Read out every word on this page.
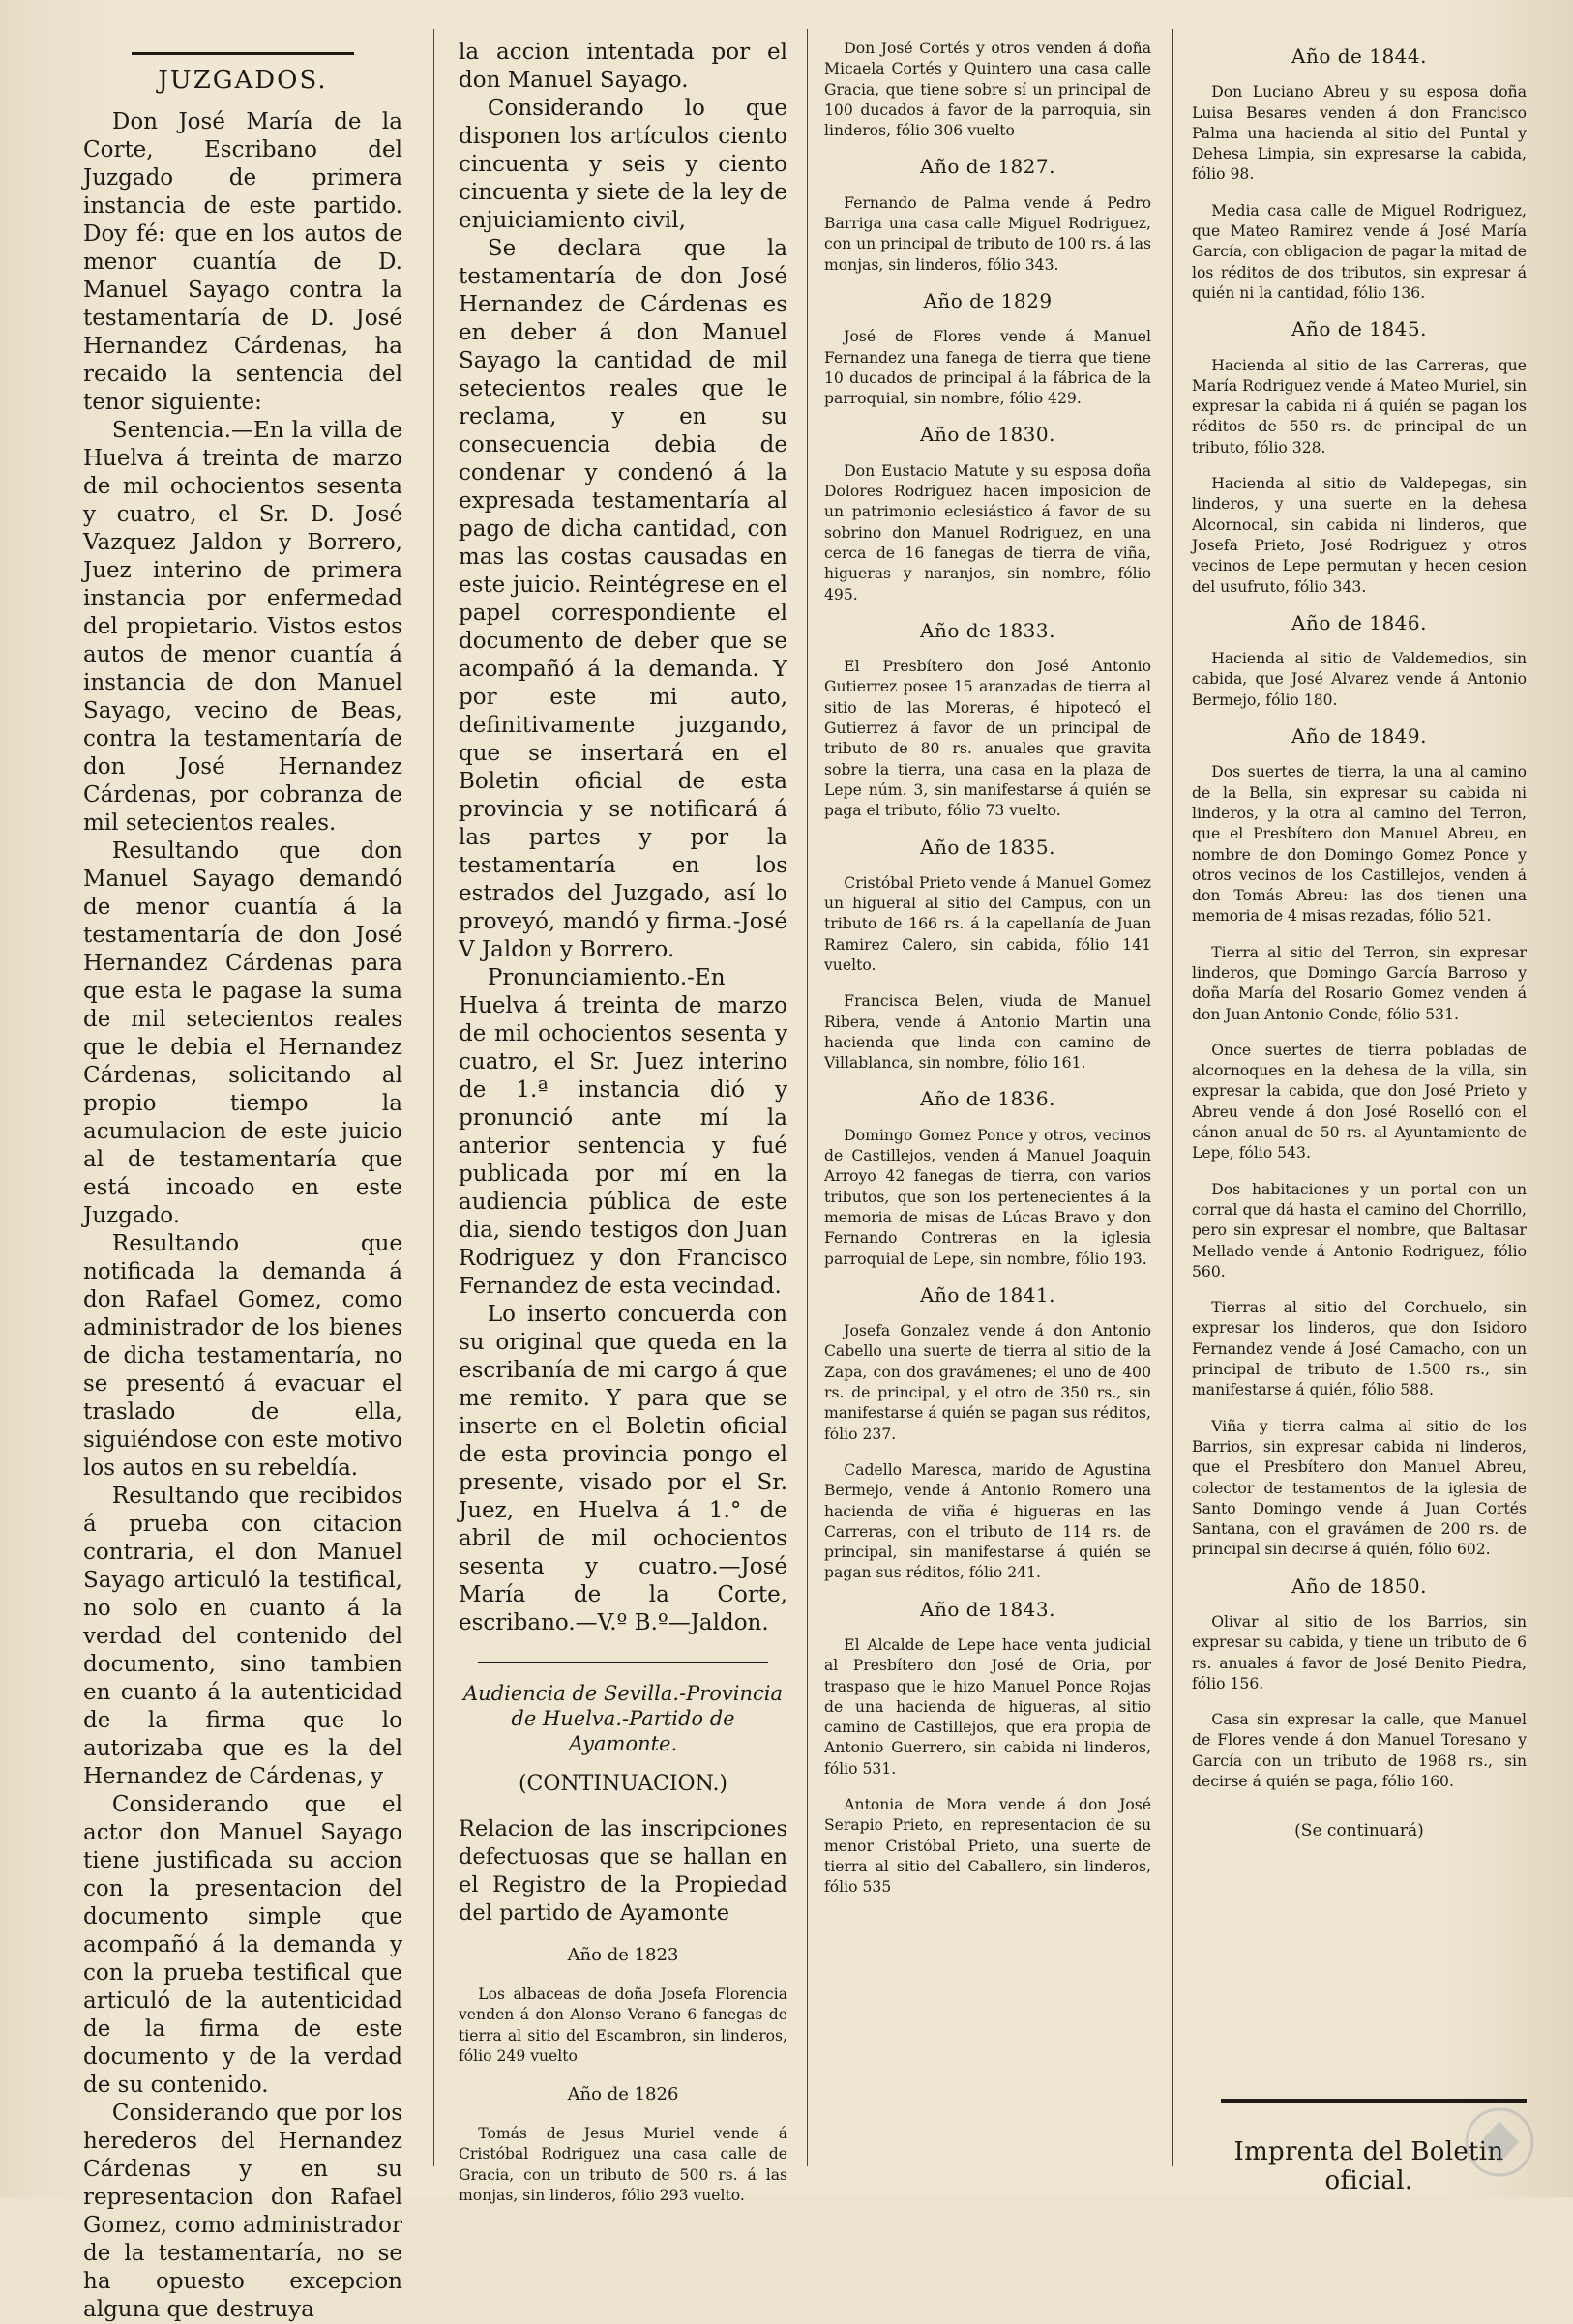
JUZGADOS.

Don José María de la Corte, Escribano del Juzgado de primera instancia de este partido. Doy fé: que en los autos de menor cuantía de D. Manuel Sayago contra la testamentaría de D. José Hernandez Cárdenas, ha recaido la sentencia del tenor siguiente:

Sentencia.—En la villa de Huelva á treinta de marzo de mil ochocientos sesenta y cuatro, el Sr. D. José Vazquez Jaldon y Borrero, Juez interino de primera instancia por enfermedad del propietario. Vistos estos autos de menor cuantía á instancia de don Manuel Sayago, vecino de Beas, contra la testamentaría de don José Hernandez Cárdenas, por cobranza de mil setecientos reales.

Resultando que don Manuel Sayago demandó de menor cuantía á la testamentaría de don José Hernandez Cárdenas para que esta le pagase la suma de mil setecientos reales que le debia el Hernandez Cárdenas, solicitando al propio tiempo la acumulacion de este juicio al de testamentaría que está incoado en este Juzgado.

Resultando que notificada la demanda á don Rafael Gomez, como administrador de los bienes de dicha testamentaría, no se presentó á evacuar el traslado de ella, siguiéndose con este motivo los autos en su rebeldía.

Resultando que recibidos á prueba con citacion contraria, el don Manuel Sayago articuló la testifical, no solo en cuanto á la verdad del contenido del documento, sino tambien en cuanto á la autenticidad de la firma que lo autorizaba que es la del Hernandez de Cárdenas, y

Considerando que el actor don Manuel Sayago tiene justificada su accion con la presentacion del documento simple que acompañó á la demanda y con la prueba testifical que articuló de la autenticidad de la firma de este documento y de la verdad de su contenido.

Considerando que por los herederos del Hernandez Cárdenas y en su representacion don Rafael Gomez, como administrador de la testamentaría, no se ha opuesto excepcion alguna que destruya

la accion intentada por el don Manuel Sayago.

Considerando lo que disponen los artículos ciento cincuenta y seis y ciento cincuenta y siete de la ley de enjuiciamiento civil,

Se declara que la testamentaría de don José Hernandez de Cárdenas es en deber á don Manuel Sayago la cantidad de mil setecientos reales que le reclama, y en su consecuencia debia de condenar y condenó á la expresada testamentaría al pago de dicha cantidad, con mas las costas causadas en este juicio. Reintégrese en el papel correspondiente el documento de deber que se acompañó á la demanda. Y por este mi auto, definitivamente juzgando, que se insertará en el Boletin oficial de esta provincia y se notificará á las partes y por la testamentaría en los estrados del Juzgado, así lo proveyó, mandó y firma.-José V Jaldon y Borrero.

Pronunciamiento.-En Huelva á treinta de marzo de mil ochocientos sesenta y cuatro, el Sr. Juez interino de 1.ª instancia dió y pronunció ante mí la anterior sentencia y fué publicada por mí en la audiencia pública de este dia, siendo testigos don Juan Rodriguez y don Francisco Fernandez de esta vecindad.

Lo inserto concuerda con su original que queda en la escribanía de mi cargo á que me remito. Y para que se inserte en el Boletin oficial de esta provincia pongo el presente, visado por el Sr. Juez, en Huelva á 1.° de abril de mil ochocientos sesenta y cuatro.—José María de la Corte, escribano.—V.º B.º—Jaldon.

Audiencia de Sevilla.-Provincia de Huelva.-Partido de Ayamonte.

(CONTINUACION.)

Relacion de las inscripciones defectuosas que se hallan en el Registro de la Propiedad del partido de Ayamonte

Año de 1823

Los albaceas de doña Josefa Florencia venden á don Alonso Verano 6 fanegas de tierra al sitio del Escambron, sin linderos, fólio 249 vuelto

Año de 1826

Tomás de Jesus Muriel vende á Cristóbal Rodriguez una casa calle de Gracia, con un tributo de 500 rs. á las monjas, sin linderos, fólio 293 vuelto.

Don José Cortés y otros venden á doña Micaela Cortés y Quintero una casa calle Gracia, que tiene sobre sí un principal de 100 ducados á favor de la parroquia, sin linderos, fólio 306 vuelto

Año de 1827.

Fernando de Palma vende á Pedro Barriga una casa calle Miguel Rodriguez, con un principal de tributo de 100 rs. á las monjas, sin linderos, fólio 343.

Año de 1829

José de Flores vende á Manuel Fernandez una fanega de tierra que tiene 10 ducados de principal á la fábrica de la parroquial, sin nombre, fólio 429.

Año de 1830.

Don Eustacio Matute y su esposa doña Dolores Rodriguez hacen imposicion de un patrimonio eclesiástico á favor de su sobrino don Manuel Rodriguez, en una cerca de 16 fanegas de tierra de viña, higueras y naranjos, sin nombre, fólio 495.

Año de 1833.

El Presbítero don José Antonio Gutierrez posee 15 aranzadas de tierra al sitio de las Moreras, é hipotecó el Gutierrez á favor de un principal de tributo de 80 rs. anuales que gravita sobre la tierra, una casa en la plaza de Lepe núm. 3, sin manifestarse á quién se paga el tributo, fólio 73 vuelto.

Año de 1835.

Cristóbal Prieto vende á Manuel Gomez un higueral al sitio del Campus, con un tributo de 166 rs. á la capellanía de Juan Ramirez Calero, sin cabida, fólio 141 vuelto.

Francisca Belen, viuda de Manuel Ribera, vende á Antonio Martin una hacienda que linda con camino de Villablanca, sin nombre, fólio 161.

Año de 1836.

Domingo Gomez Ponce y otros, vecinos de Castillejos, venden á Manuel Joaquin Arroyo 42 fanegas de tierra, con varios tributos, que son los pertenecientes á la memoria de misas de Lúcas Bravo y don Fernando Contreras en la iglesia parroquial de Lepe, sin nombre, fólio 193.

Año de 1841.

Josefa Gonzalez vende á don Antonio Cabello una suerte de tierra al sitio de la Zapa, con dos gravámenes; el uno de 400 rs. de principal, y el otro de 350 rs., sin manifestarse á quién se pagan sus réditos, fólio 237.

Cadello Maresca, marido de Agustina Bermejo, vende á Antonio Romero una hacienda de viña é higueras en las Carreras, con el tributo de 114 rs. de principal, sin manifestarse á quién se pagan sus réditos, fólio 241.

Año de 1843.

El Alcalde de Lepe hace venta judicial al Presbítero don José de Oria, por traspaso que le hizo Manuel Ponce Rojas de una hacienda de higueras, al sitio camino de Castillejos, que era propia de Antonio Guerrero, sin cabida ni linderos, fólio 531.

Antonia de Mora vende á don José Serapio Prieto, en representacion de su menor Cristóbal Prieto, una suerte de tierra al sitio del Caballero, sin linderos, fólio 535

Año de 1844.

Don Luciano Abreu y su esposa doña Luisa Besares venden á don Francisco Palma una hacienda al sitio del Puntal y Dehesa Limpia, sin expresarse la cabida, fólio 98.

Media casa calle de Miguel Rodriguez, que Mateo Ramirez vende á José María García, con obligacion de pagar la mitad de los réditos de dos tributos, sin expresar á quién ni la cantidad, fólio 136.

Año de 1845.

Hacienda al sitio de las Carreras, que María Rodriguez vende á Mateo Muriel, sin expresar la cabida ni á quién se pagan los réditos de 550 rs. de principal de un tributo, fólio 328.

Hacienda al sitio de Valdepegas, sin linderos, y una suerte en la dehesa Alcornocal, sin cabida ni linderos, que Josefa Prieto, José Rodriguez y otros vecinos de Lepe permutan y hecen cesion del usufruto, fólio 343.

Año de 1846.

Hacienda al sitio de Valdemedios, sin cabida, que José Alvarez vende á Antonio Bermejo, fólio 180.

Año de 1849.

Dos suertes de tierra, la una al camino de la Bella, sin expresar su cabida ni linderos, y la otra al camino del Terron, que el Presbítero don Manuel Abreu, en nombre de don Domingo Gomez Ponce y otros vecinos de los Castillejos, venden á don Tomás Abreu: las dos tienen una memoria de 4 misas rezadas, fólio 521.

Tierra al sitio del Terron, sin expresar linderos, que Domingo García Barroso y doña María del Rosario Gomez venden á don Juan Antonio Conde, fólio 531.

Once suertes de tierra pobladas de alcornoques en la dehesa de la villa, sin expresar la cabida, que don José Prieto y Abreu vende á don José Roselló con el cánon anual de 50 rs. al Ayuntamiento de Lepe, fólio 543.

Dos habitaciones y un portal con un corral que dá hasta el camino del Chorrillo, pero sin expresar el nombre, que Baltasar Mellado vende á Antonio Rodriguez, fólio 560.

Tierras al sitio del Corchuelo, sin expresar los linderos, que don Isidoro Fernandez vende á José Camacho, con un principal de tributo de 1.500 rs., sin manifestarse á quién, fólio 588.

Viña y tierra calma al sitio de los Barrios, sin expresar cabida ni linderos, que el Presbítero don Manuel Abreu, colector de testamentos de la iglesia de Santo Domingo vende á Juan Cortés Santana, con el gravámen de 200 rs. de principal sin decirse á quién, fólio 602.

Año de 1850.

Olivar al sitio de los Barrios, sin expresar su cabida, y tiene un tributo de 6 rs. anuales á favor de José Benito Piedra, fólio 156.

Casa sin expresar la calle, que Manuel de Flores vende á don Manuel Toresano y García con un tributo de 1968 rs., sin decirse á quién se paga, fólio 160.

(Se continuará)
Imprenta del Boletin oficial.
